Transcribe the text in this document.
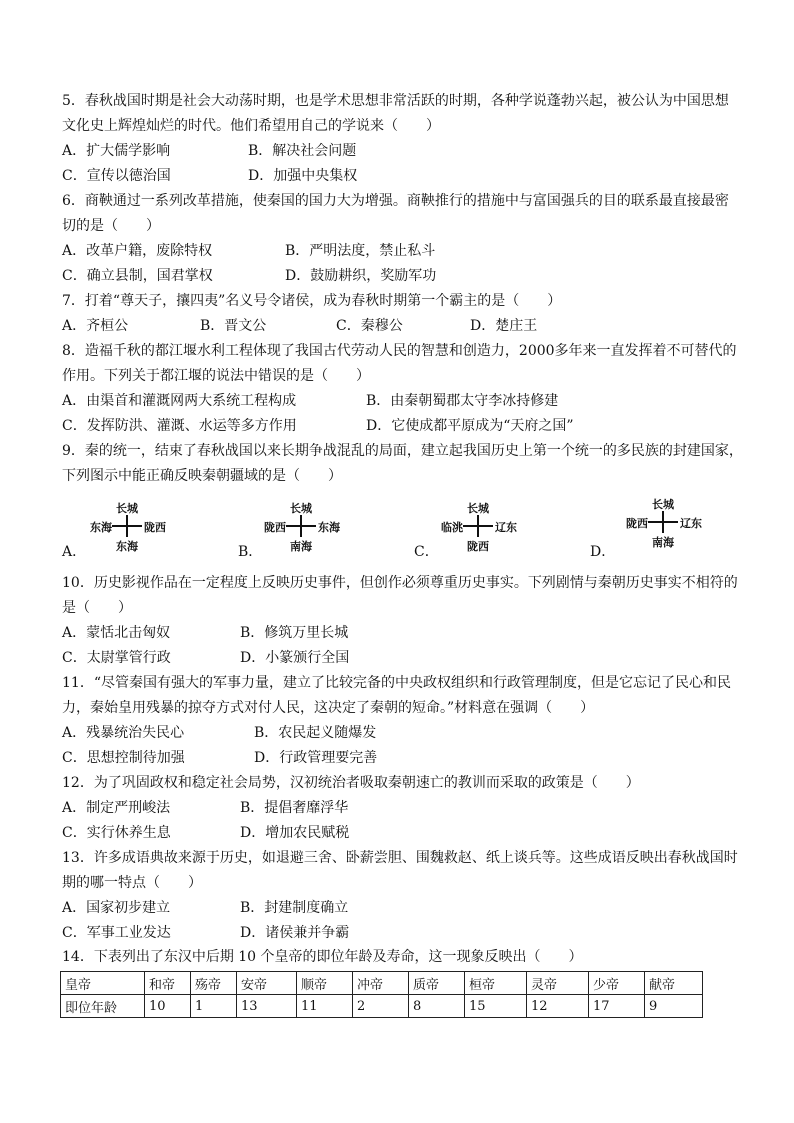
5．春秋战国时期是社会大动荡时期，也是学术思想非常活跃的时期，各种学说蓬勃兴起，被公认为中国思想
文化史上辉煌灿烂的时代。他们希望用自己的学说来（　　）
A．扩大儒学影响	B．解决社会问题
C．宣传以德治国	D．加强中央集权
6．商鞅通过一系列改革措施，使秦国的国力大为增强。商鞅推行的措施中与富国强兵的目的联系最直接最密
切的是（　　）
A．改革户籍，废除特权	B．严明法度，禁止私斗
C．确立县制，国君掌权	D．鼓励耕织，奖励军功
7．打着“尊天子，攘四夷”名义号令诸侯，成为春秋时期第一个霸主的是（　　）
A．齐桓公	B．晋文公	C．秦穆公	D．楚庄王
8．造福千秋的都江堰水利工程体现了我国古代劳动人民的智慧和创造力，2000多年来一直发挥着不可替代的
作用。下列关于都江堰的说法中错误的是（　　）
A．由渠首和灌溉网两大系统工程构成	B．由秦朝蜀郡太守李冰持修建
C．发挥防洪、灌溉、水运等多方作用	D．它使成都平原成为“天府之国”
9．秦的统一，结束了春秋战国以来长期争战混乱的局面，建立起我国历史上第一个统一的多民族的封建国家，
下列图示中能正确反映秦朝疆域的是（　　）
A．
长城
东海	陇西
东海	B．
长城
陇西	东海
南海	C．
长城
临洮	辽东
陇西	D．
长城
陇西	辽东
南海
10．历史影视作品在一定程度上反映历史事件，但创作必须尊重历史事实。下列剧情与秦朝历史事实不相符的
是（　　）
A．蒙恬北击匈奴	B．修筑万里长城
C．太尉掌管行政	D．小篆颁行全国
11．“尽管秦国有强大的军事力量，建立了比较完备的中央政权组织和行政管理制度，但是它忘记了民心和民
力，秦始皇用残暴的掠夺方式对付人民，这决定了秦朝的短命。”材料意在强调（　　）
A．残暴统治失民心	B．农民起义随爆发
C．思想控制待加强	D．行政管理要完善
12．为了巩固政权和稳定社会局势，汉初统治者吸取秦朝速亡的教训而采取的政策是（　　）
A．制定严刑峻法	B．提倡奢靡浮华
C．实行休养生息	D．增加农民赋税
13．许多成语典故来源于历史，如退避三舍、卧薪尝胆、围魏救赵、纸上谈兵等。这些成语反映出春秋战国时
期的哪一特点（　　）
A．国家初步建立	B．封建制度确立
C．军事工业发达	D．诸侯兼并争霸
14．下表列出了东汉中后期 10 个皇帝的即位年龄及寿命，这一现象反映出（　　）
皇帝	和帝	殇帝	安帝	顺帝	冲帝	质帝	桓帝	灵帝	少帝	献帝
即位年龄	10	1	13	11	2	8	15	12	17	9
